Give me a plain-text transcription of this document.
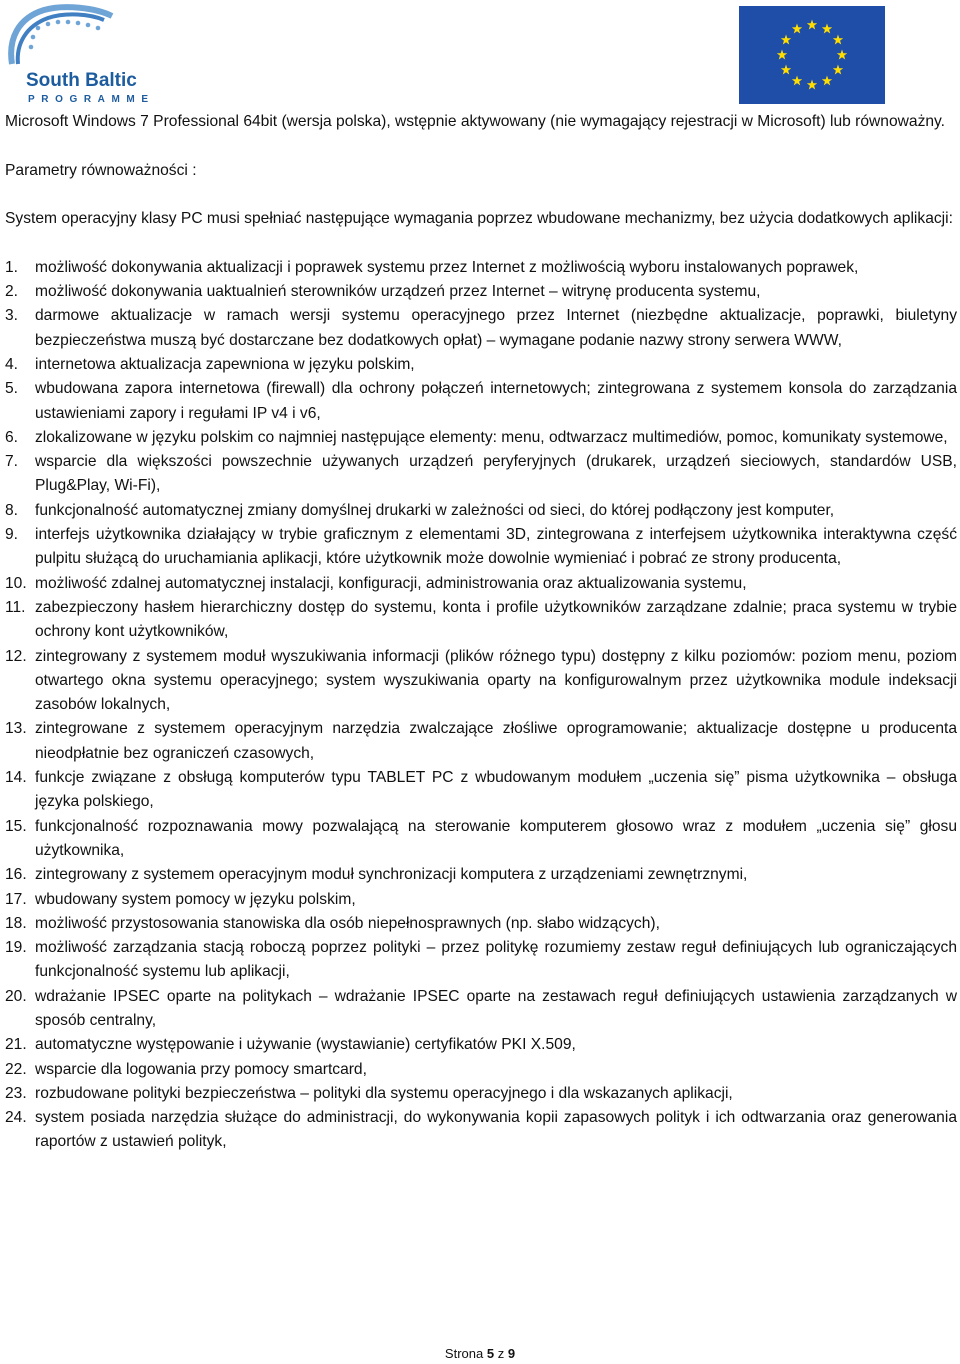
South Baltic
PROGRAMME

Microsoft Windows 7 Professional 64bit (wersja polska), wstępnie aktywowany (nie wymagający rejestracji w Microsoft) lub równoważny.

Parametry równoważności :

System operacyjny klasy PC musi spełniać następujące wymagania poprzez wbudowane mechanizmy, bez użycia dodatkowych aplikacji:

1.	możliwość dokonywania aktualizacji i poprawek systemu przez Internet z możliwością wyboru instalowanych poprawek,
2.	możliwość dokonywania uaktualnień sterowników urządzeń przez Internet – witrynę producenta systemu,
3.	darmowe aktualizacje w ramach wersji systemu operacyjnego przez Internet (niezbędne aktualizacje, poprawki, biuletyny bezpieczeństwa muszą być dostarczane bez dodatkowych opłat) – wymagane podanie nazwy strony serwera WWW,
4.	internetowa aktualizacja zapewniona w języku polskim,
5.	wbudowana zapora internetowa (firewall) dla ochrony połączeń internetowych; zintegrowana z systemem konsola do zarządzania ustawieniami zapory i regułami IP v4 i v6,
6.	zlokalizowane w języku polskim co najmniej następujące elementy: menu, odtwarzacz multimediów, pomoc, komunikaty systemowe,
7.	wsparcie dla większości powszechnie używanych urządzeń peryferyjnych (drukarek, urządzeń sieciowych, standardów USB, Plug&Play, Wi-Fi),
8.	funkcjonalność automatycznej zmiany domyślnej drukarki w zależności od sieci, do której podłączony jest komputer,
9.	interfejs użytkownika działający w trybie graficznym z elementami 3D, zintegrowana z interfejsem użytkownika interaktywna część pulpitu służącą do uruchamiania aplikacji, które użytkownik może dowolnie wymieniać i pobrać ze strony producenta,
10. możliwość zdalnej automatycznej instalacji, konfiguracji, administrowania oraz aktualizowania systemu,
11. zabezpieczony hasłem hierarchiczny dostęp do systemu, konta i profile użytkowników zarządzane zdalnie; praca systemu w trybie ochrony kont użytkowników,
12. zintegrowany z systemem moduł wyszukiwania informacji (plików różnego typu) dostępny z kilku poziomów: poziom menu, poziom otwartego okna systemu operacyjnego; system wyszukiwania oparty na konfigurowalnym przez użytkownika module indeksacji zasobów lokalnych,
13. zintegrowane z systemem operacyjnym narzędzia zwalczające złośliwe oprogramowanie; aktualizacje dostępne u producenta nieodpłatnie bez ograniczeń czasowych,
14. funkcje związane z obsługą komputerów typu TABLET PC z wbudowanym modułem „uczenia się” pisma użytkownika – obsługa języka polskiego,
15. funkcjonalność rozpoznawania mowy pozwalającą na sterowanie komputerem głosowo wraz z modułem „uczenia się” głosu użytkownika,
16. zintegrowany z systemem operacyjnym moduł synchronizacji komputera z urządzeniami zewnętrznymi,
17. wbudowany system pomocy w języku polskim,
18. możliwość przystosowania stanowiska dla osób niepełnosprawnych (np. słabo widzących),
19. możliwość zarządzania stacją roboczą poprzez polityki – przez politykę rozumiemy zestaw reguł definiujących lub ograniczających funkcjonalność systemu lub aplikacji,
20. wdrażanie IPSEC oparte na politykach – wdrażanie IPSEC oparte na zestawach reguł definiujących ustawienia zarządzanych w sposób centralny,
21. automatyczne występowanie i używanie (wystawianie) certyfikatów PKI X.509,
22. wsparcie dla logowania przy pomocy smartcard,
23. rozbudowane polityki bezpieczeństwa – polityki dla systemu operacyjnego i dla wskazanych aplikacji,
24. system posiada narzędzia służące do administracji, do wykonywania kopii zapasowych polityk i ich odtwarzania oraz generowania raportów z ustawień polityk,
Strona 5 z 9
